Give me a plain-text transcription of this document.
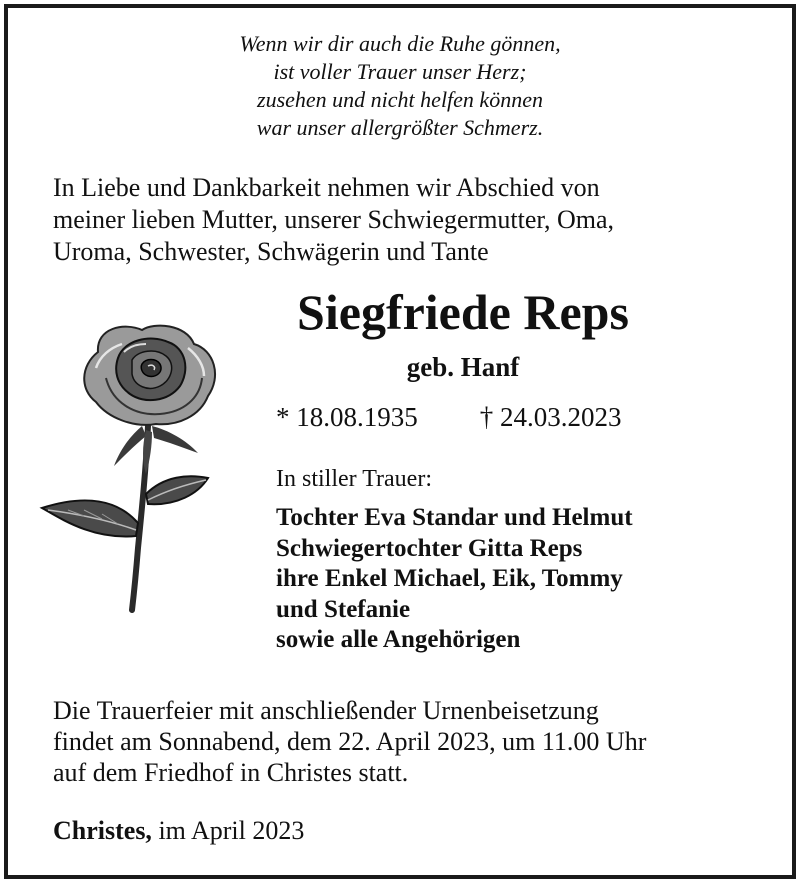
Wenn wir dir auch die Ruhe gönnen,
ist voller Trauer unser Herz;
zusehen und nicht helfen können
war unser allergrößter Schmerz.
In Liebe und Dankbarkeit nehmen wir Abschied von
meiner lieben Mutter, unserer Schwiegermutter, Oma,
Uroma, Schwester, Schwägerin und Tante
Siegfriede Reps
geb. Hanf
* 18.08.1935 † 24.03.2023
In stiller Trauer:
Tochter Eva Standar und Helmut
Schwiegertochter Gitta Reps
ihre Enkel Michael, Eik, Tommy
und Stefanie
sowie alle Angehörigen
Die Trauerfeier mit anschließender Urnenbeisetzung
findet am Sonnabend, dem 22. April 2023, um 11.00 Uhr
auf dem Friedhof in Christes statt.
Christes, im April 2023
